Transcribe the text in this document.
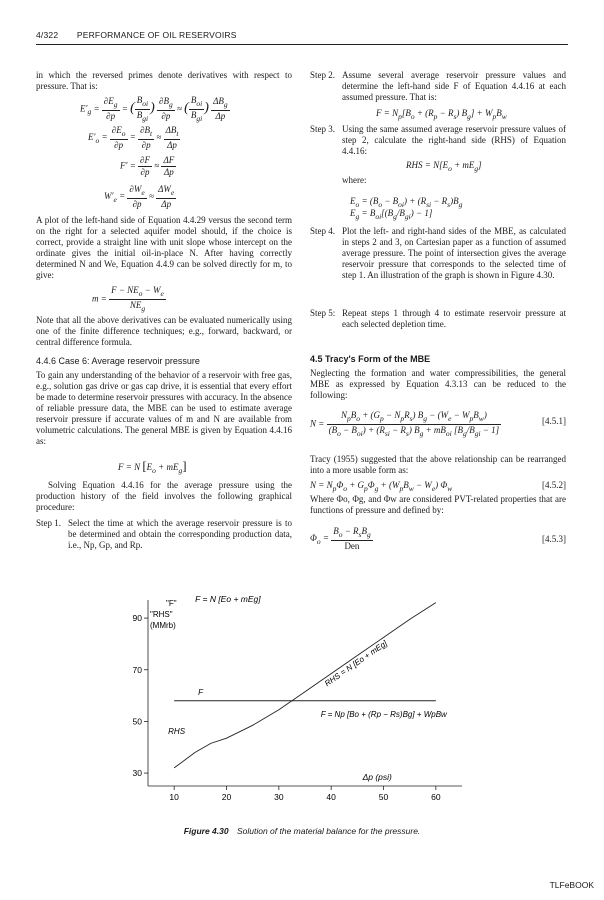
4/322 PERFORMANCE OF OIL RESERVOIRS

in which the reversed primes denote derivatives with respect to pressure. That is:

$E'_g = \frac{\partial E_g}{\partial p}$ = ( $\frac{B_{oi}}{B_{gi}}$ ) $\frac{\partial B_g}{\partial p}$ ≈ ( $\frac{B_{oi}}{B_{gi}}$ ) $\frac{\Delta B_g}{\Delta p}$
$E'_o = \frac{\partial E_o}{\partial p} = \frac{\partial B_t}{\partial p} \approx \frac{\Delta B_t}{\Delta p}$
$F' = \frac{\partial F}{\partial p} \approx \frac{\Delta F}{\Delta p}$
$W'_e = \frac{\partial W_e}{\partial p} \approx \frac{\Delta W_e}{\Delta p}$

A plot of the left-hand side of Equation 4.4.29 versus the second term on the right for a selected aquifer model should, if the choice is correct, provide a straight line with unit slope whose intercept on the ordinate gives the initial oil-in-place N. After having correctly determined N and We, Equation 4.4.9 can be solved directly for m, to give:

$m = \frac{F - NE_o - W_e}{NE_g}$

Note that all the above derivatives can be evaluated numerically using one of the finite difference techniques; e.g., forward, backward, or central difference formula.

4.4.6 Case 6: Average reservoir pressure

To gain any understanding of the behavior of a reservoir with free gas, e.g., solution gas drive or gas cap drive, it is essential that every effort be made to determine reservoir pressures with accuracy. In the absence of reliable pressure data, the MBE can be used to estimate average reservoir pressure if accurate values of m and N are available from volumetric calculations. The general MBE is given by Equation 4.4.16 as:

F = N $[E_o + mE_g]$

Solving Equation 4.4.16 for the average pressure using the production history of the field involves the following graphical procedure:

Step 1. Select the time at which the average reservoir pressure is to be determined and obtain the corresponding production data, i.e., Np, Gp, and Rp.

Step 2. Assume several average reservoir pressure values and determine the left-hand side F of Equation 4.4.16 at each assumed pressure. That is:

$F = N_p[B_o + (R_p - R_s) B_g] + W_pB_w$
Step 3. Using the same assumed average reservoir pressure values of step 2, calculate the right-hand side (RHS) of Equation 4.4.16:

RHS = $N[E_o + mE_g]$
where:
$E_o = (B_o - B_{oi}) + (R_{si} - R_s)B_g$
$E_g = B_{oi}[(B_g/B_{gi}) - 1]$
Step 4. Plot the left- and right-hand sides of the MBE, as calculated in steps 2 and 3, on Cartesian paper as a function of assumed average pressure. The point of intersection gives the average reservoir pressure that corresponds to the selected time of step 1. An illustration of the graph is shown in Figure 4.30.

Step 5: Repeat steps 1 through 4 to estimate reservoir pressure at each selected depletion time.

4.5 Tracy's Form of the MBE

Neglecting the formation and water compressibilities, the general MBE as expressed by Equation 4.3.13 can be reduced to the following:

$N = \frac{N_pB_o + (G_p - N_pR_s) B_g - (W_e - W_pB_w)}{(B_o - B_{oi}) + (R_{si} - R_s) B_g + mB_{oi} [B_g/B_{gi} - 1]}$	[4.5.1]

Tracy (1955) suggested that the above relationship can be rearranged into a more usable form as:

$N = N_p\Phi_o + G_p\Phi_g + (W_pB_w - W_e)$ $\Phi_w$	[4.5.2]

Where Φo, Φg, and Φw are considered PVT-related properties that are functions of pressure and defined by:

$\Phi_o = \frac{B_o - R_sB_g}{\text{Den}}$	[4.5.3]
30
50
70
90
10	20	30	40	50	60
RHS
RHS = N [Eo + mEg]
F
F = Np [Bo + (Rp − Rs)Bg] + WpBw
F = N [Eo + mEg]
"F"
"RHS"
(MMrb)
Δp (psi)
Figure 4.30 Solution of the material balance for the pressure.
TLFeBOOK
